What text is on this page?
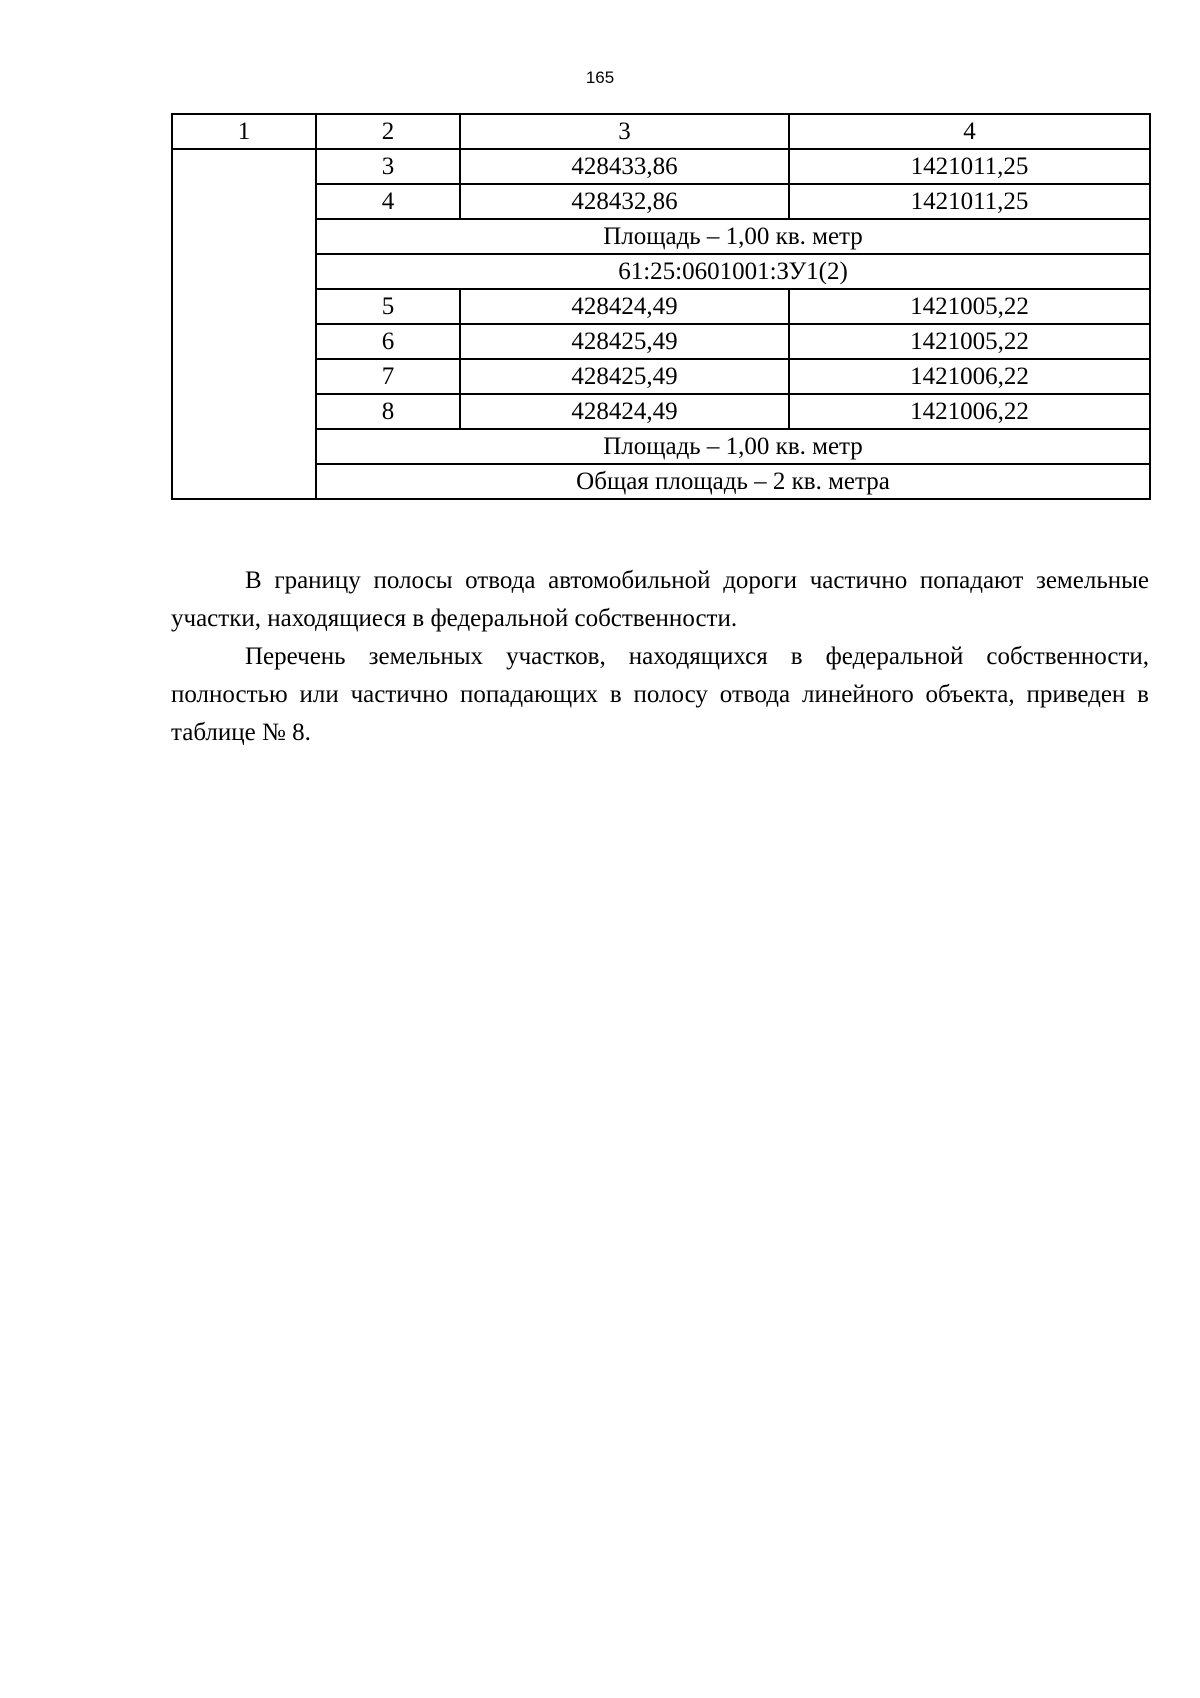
165
1	2	3	4
	3	428433,86	1421011,25
	4	428432,86	1421011,25
	Площадь – 1,00 кв. метр		
	61:25:0601001:ЗУ1(2)		
	5	428424,49	1421005,22
	6	428425,49	1421005,22
	7	428425,49	1421006,22
	8	428424,49	1421006,22
	Площадь – 1,00 кв. метр		
	Общая площадь – 2 кв. метра		

В границу полосы отвода автомобильной дороги частично попадают земельные участки, находящиеся в федеральной собственности.

Перечень земельных участков, находящихся в федеральной собственности, полностью или частично попадающих в полосу отвода линейного объекта, приведен в таблице № 8.
